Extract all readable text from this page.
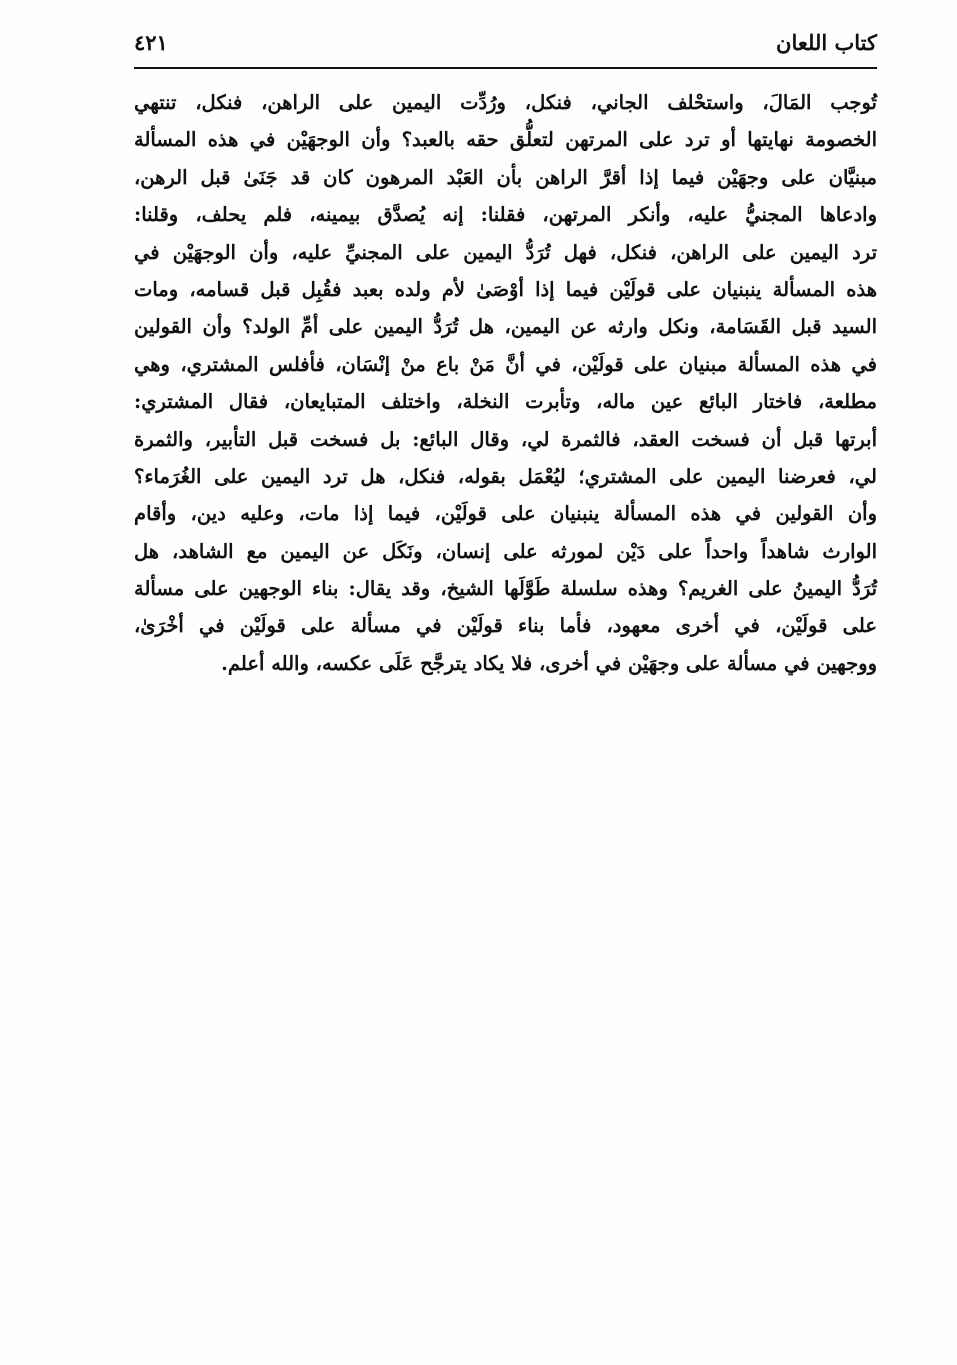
كتاب اللعان
٤٢١
تُوجب المَالَ، واستحْلف الجاني، فنكل، ورُدِّت اليمين على الراهن، فنكل، تنتهي
الخصومة نهايتها أو ترد على المرتهن لتعلُّق حقه بالعبد؟ وأن الوجهَيْن في هذه المسألة
مبنيَّان على وجهَيْن فيما إذا أقرَّ الراهن بأن العَبْد المرهون كان قد جَنَىٰ قبل الرهن،
وادعاها المجنيُّ عليه، وأنكر المرتهن، فقلنا: إنه يُصدَّق بيمينه، فلم يحلف، وقلنا:
ترد اليمين على الراهن، فنكل، فهل تُرَدُّ اليمين على المجنيِّ عليه، وأن الوجهَيْن في
هذه المسألة ينبنيان على قولَيْن فيما إذا أوْصَىٰ لأم ولده بعبد فقُبِل قبل قسامه، ومات
السيد قبل القَسَامة، ونكل وارثه عن اليمين، هل تُرَدُّ اليمين على أمِّ الولد؟ وأن القولين
في هذه المسألة مبنيان على قولَيْن، في أنَّ مَنْ باع منْ إنْسَان، فأفلس المشتري، وهي
مطلعة، فاختار البائع عين ماله، وتأبرت النخلة، واختلف المتبايعان، فقال المشتري:
أبرتها قبل أن فسخت العقد، فالثمرة لي، وقال البائع: بل فسخت قبل التأبير، والثمرة
لي، فعرضنا اليمين على المشتري؛ ليُعْمَل بقوله، فنكل، هل ترد اليمين على الغُرَماء؟
وأن القولين في هذه المسألة ينبنيان على قولَيْن، فيما إذا مات، وعليه دين، وأقام
الوارث شاهداً واحداً على دَيْن لمورثه على إنسان، ونَكَل عن اليمين مع الشاهد، هل
تُرَدُّ اليمينُ على الغريم؟ وهذه سلسلة طَوَّلَها الشيخ، وقد يقال: بناء الوجهين على مسألة
على قولَيْن، في أخرى معهود، فأما بناء قولَيْن في مسألة على قولَيْن في أخْرَىٰ،
ووجهين في مسألة على وجهَيْن في أخرى، فلا يكاد يترجَّح عَلَى عكسه، والله أعلم.
